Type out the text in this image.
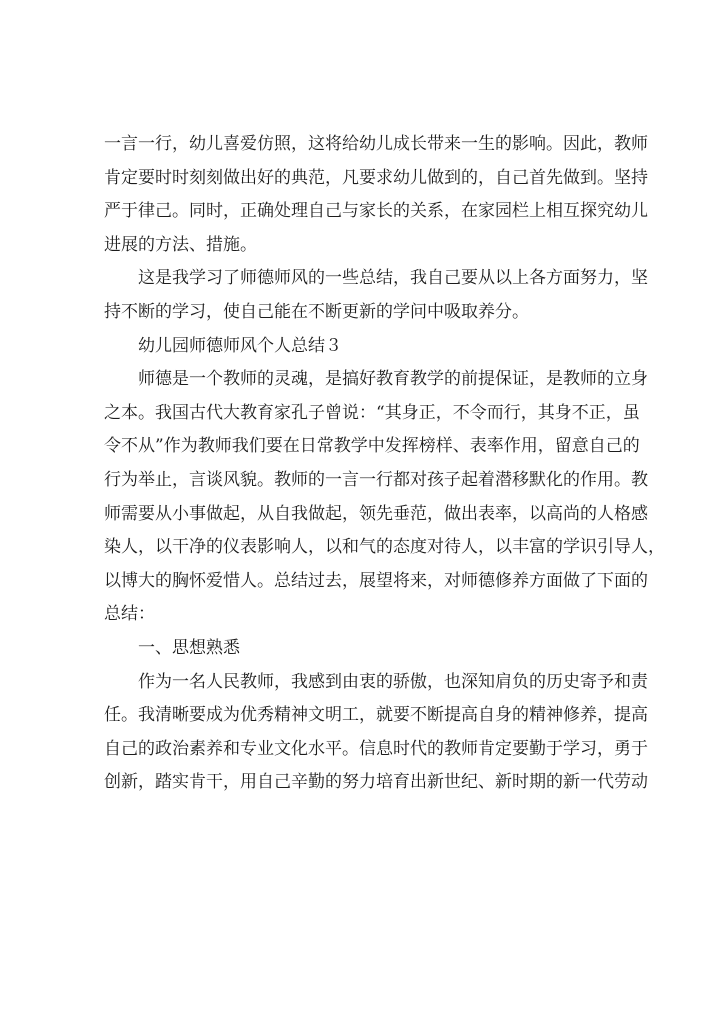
一言一行，幼儿喜爱仿照，这将给幼儿成长带来一生的影响。因此，教师
肯定要时时刻刻做出好的典范，凡要求幼儿做到的，自己首先做到。坚持
严于律己。同时，正确处理自己与家长的关系，在家园栏上相互探究幼儿
进展的方法、措施。
这是我学习了师德师风的一些总结，我自己要从以上各方面努力，坚
持不断的学习，使自己能在不断更新的学问中吸取养分。
幼儿园师德师风个人总结３
师德是一个教师的灵魂，是搞好教育教学的前提保证，是教师的立身
之本。我国古代大教育家孔子曾说：“其身正，不令而行，其身不正，虽
令不从”作为教师我们要在日常教学中发挥榜样、表率作用，留意自己的
行为举止，言谈风貌。教师的一言一行都对孩子起着潜移默化的作用。教
师需要从小事做起，从自我做起，领先垂范，做出表率，以高尚的人格感
染人，以干净的仪表影响人，以和气的态度对待人，以丰富的学识引导人，
以博大的胸怀爱惜人。总结过去，展望将来，对师德修养方面做了下面的
总结：
一、思想熟悉
作为一名人民教师，我感到由衷的骄傲，也深知肩负的历史寄予和责
任。我清晰要成为优秀精神文明工，就要不断提高自身的精神修养，提高
自己的政治素养和专业文化水平。信息时代的教师肯定要勤于学习，勇于
创新，踏实肯干，用自己辛勤的努力培育出新世纪、新时期的新一代劳动
